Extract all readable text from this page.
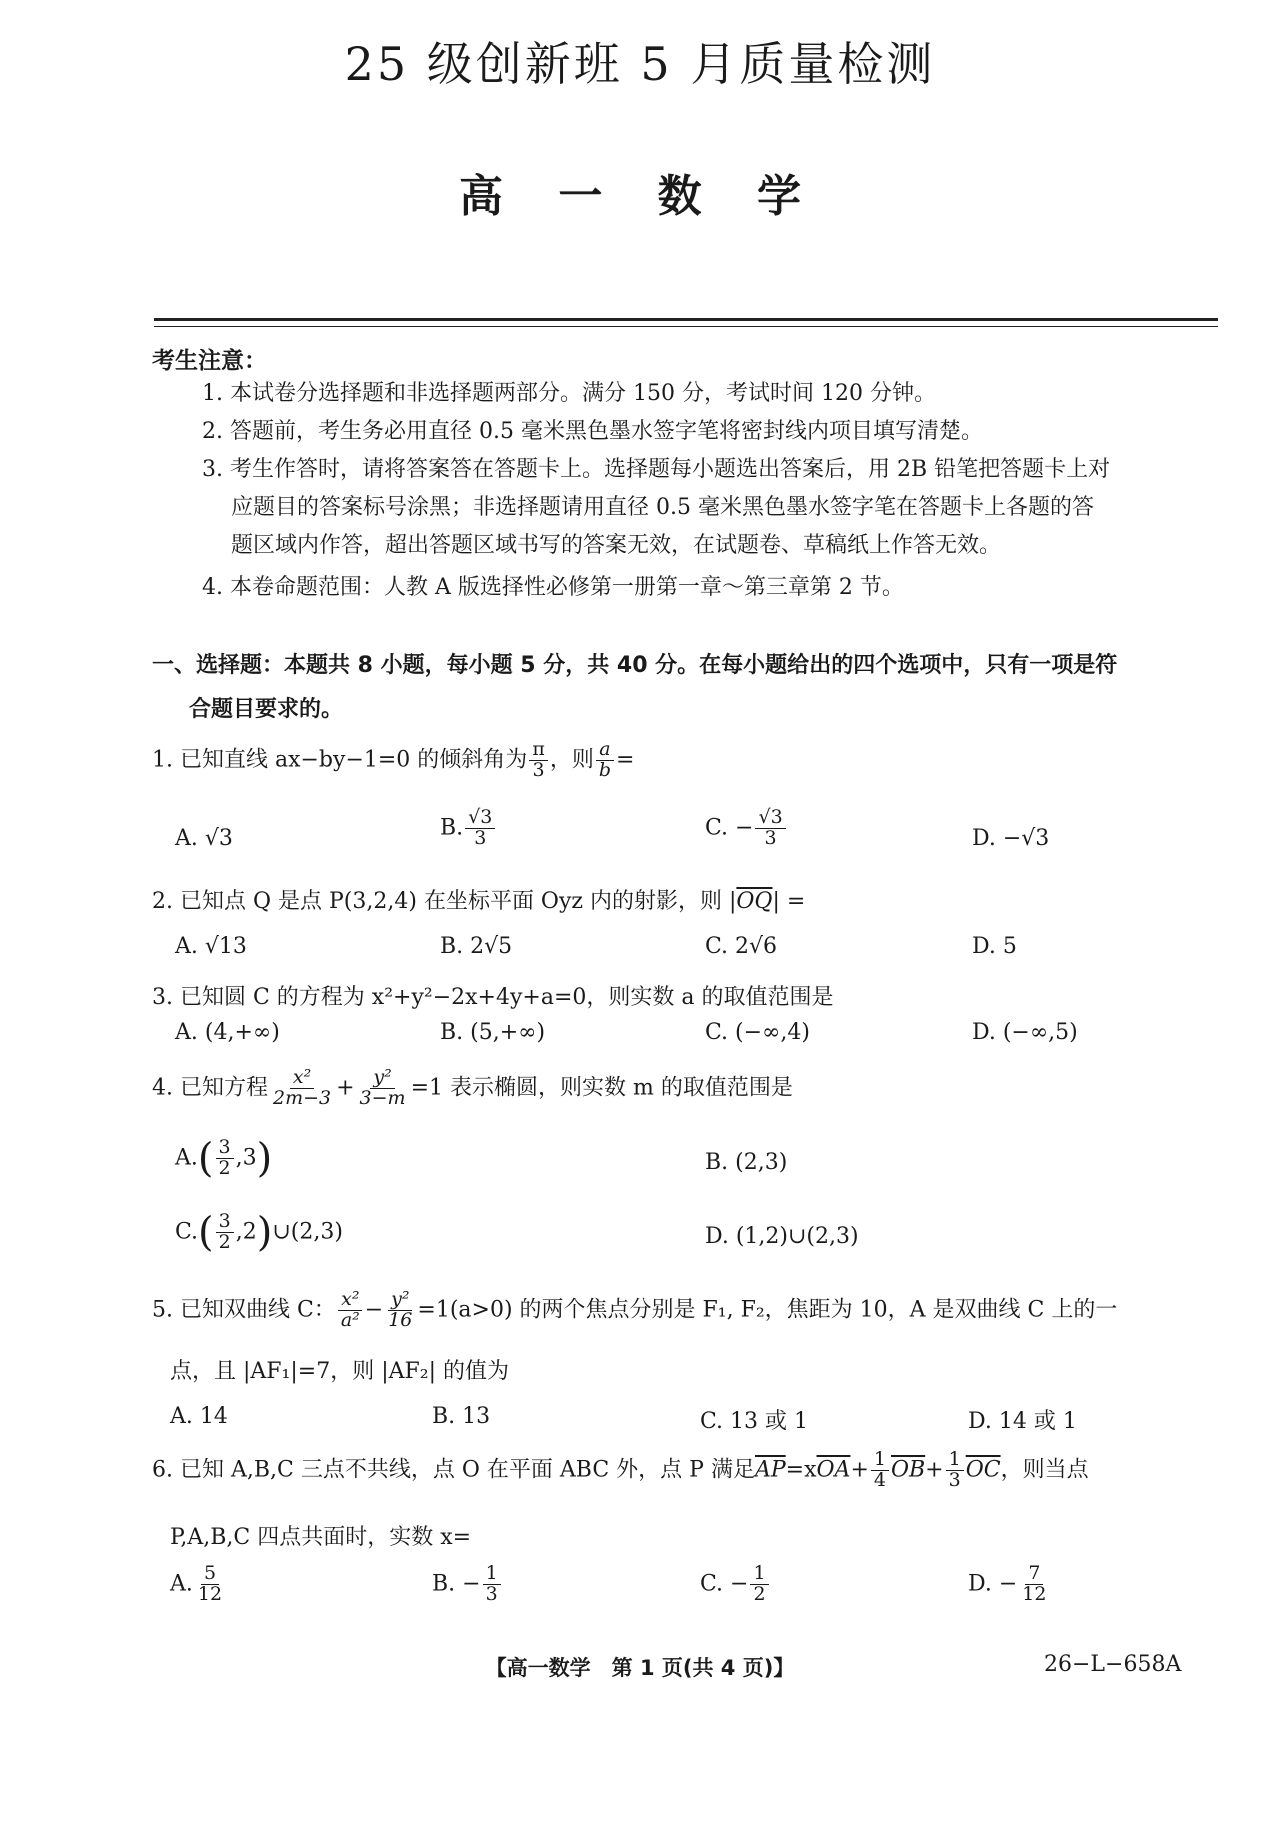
25 级创新班 5 月质量检测
高 一 数 学
考生注意：
1. 本试卷分选择题和非选择题两部分。满分 150 分，考试时间 120 分钟。
2. 答题前，考生务必用直径 0.5 毫米黑色墨水签字笔将密封线内项目填写清楚。
3. 考生作答时，请将答案答在答题卡上。选择题每小题选出答案后，用 2B 铅笔把答题卡上对
应题目的答案标号涂黑；非选择题请用直径 0.5 毫米黑色墨水签字笔在答题卡上各题的答
题区域内作答，超出答题区域书写的答案无效，在试题卷、草稿纸上作答无效。
4. 本卷命题范围：人教 A 版选择性必修第一册第一章～第三章第 2 节。
一、选择题：本题共 8 小题，每小题 5 分，共 40 分。在每小题给出的四个选项中，只有一项是符
合题目要求的。
1. 已知直线 ax−by−1=0 的倾斜角为 $\frac{\pi}{3}$ ，则 $\frac{a}{b}$ =
A. √3	B. $\frac{√3}{3}$	C. − $\frac{√3}{3}$	D. −√3
2. 已知点 Q 是点 P(3,2,4) 在坐标平面 Oyz 内的射影，则 $|\overline{OQ}|$ =
A. √13	B. 2√5	C. 2√6	D. 5
3. 已知圆 C 的方程为 x²+y²−2x+4y+a=0，则实数 a 的取值范围是
A. (4,+∞)	B. (5,+∞)	C. (−∞,4)	D. (−∞,5)
4. 已知方程 $\frac{\text{x²}}{2m-3} + \frac{\text{y²}}{3-m} =1$ 表示椭圆，则实数 m 的取值范围是
$A.( \frac{3}{2} ,3)$	B. (2,3)
$C.( \frac{3}{2}$ ,2)∪(2,3)	D. (1,2)∪(2,3)
5. 已知双曲线 C： $\frac{\text{x²}}{\text{a²}} - \frac{\text{y²}}{16} =1(a>0)$ 的两个焦点分别是 F₁, F₂，焦距为 10，A 是双曲线 C 上的一
点，且 |AF₁|=7，则 |AF₂| 的值为
A. 14	B. 13	C. 13 或 1	D. 14 或 1
6. 已知 A,B,C 三点不共线，点 O 在平面 ABC 外，点 P 满足$\overline{AP}=x\overline{OA}+ \frac{1}{4} \overline{OB}+ \frac{1}{3} \overline{OC}$，则当点
P,A,B,C 四点共面时，实数 x=
A. $\frac{5}{12}$	B. − $\frac{1}{3}$	C. − $\frac{1}{2}$	D. − $\frac{7}{12}$
【高一数学　第 1 页(共 4 页)】	26−L−658A
